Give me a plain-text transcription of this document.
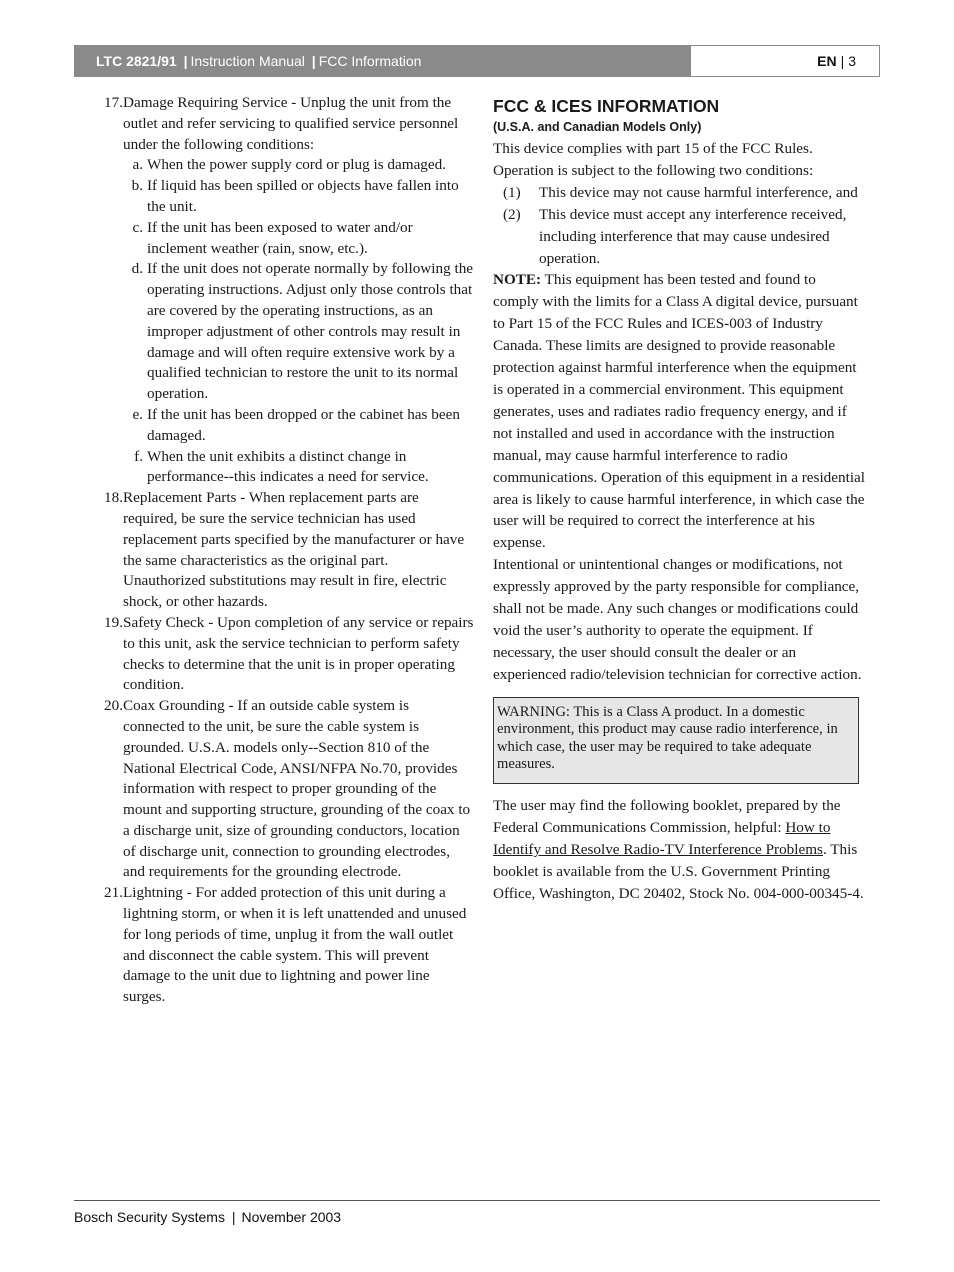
LTC 2821/91 | Instruction Manual | FCC Information	EN | 3
17. Damage Requiring Service - Unplug the unit from the outlet and refer servicing to qualified service personnel under the following conditions:
a. When the power supply cord or plug is damaged.
b. If liquid has been spilled or objects have fallen into the unit.
c. If the unit has been exposed to water and/or inclement weather (rain, snow, etc.).
d. If the unit does not operate normally by following the operating instructions. Adjust only those controls that are covered by the operating instructions, as an improper adjustment of other controls may result in damage and will often require extensive work by a qualified technician to restore the unit to its normal operation.
e. If the unit has been dropped or the cabinet has been damaged.
f. When the unit exhibits a distinct change in performance--this indicates a need for service.
18. Replacement Parts - When replacement parts are required, be sure the service technician has used replacement parts specified by the manufacturer or have the same characteristics as the original part. Unauthorized substitutions may result in fire, electric shock, or other hazards.
19. Safety Check - Upon completion of any service or repairs to this unit, ask the service technician to perform safety checks to determine that the unit is in proper operating condition.
20. Coax Grounding - If an outside cable system is connected to the unit, be sure the cable system is grounded. U.S.A. models only--Section 810 of the National Electrical Code, ANSI/NFPA No.70, provides information with respect to proper grounding of the mount and supporting structure, grounding of the coax to a discharge unit, size of grounding conductors, location of discharge unit, connection to grounding electrodes, and requirements for the grounding electrode.
21. Lightning - For added protection of this unit during a lightning storm, or when it is left unattended and unused for long periods of time, unplug it from the wall outlet and disconnect the cable system. This will prevent damage to the unit due to lightning and power line surges.
FCC & ICES INFORMATION
(U.S.A. and Canadian Models Only)

This device complies with part 15 of the FCC Rules. Operation is subject to the following two conditions:

(1)	This device may not cause harmful interference, and
(2)	This device must accept any interference received, including interference that may cause undesired operation.

NOTE: This equipment has been tested and found to comply with the limits for a Class A digital device, pursuant to Part 15 of the FCC Rules and ICES-003 of Industry Canada. These limits are designed to provide reasonable protection against harmful interference when the equipment is operated in a commercial environment. This equipment generates, uses and radiates radio frequency energy, and if not installed and used in accordance with the instruction manual, may cause harmful interference to radio communications. Operation of this equipment in a residential area is likely to cause harmful interference, in which case the user will be required to correct the interference at his expense.

Intentional or unintentional changes or modifications, not expressly approved by the party responsible for compliance, shall not be made. Any such changes or modifications could void the user’s authority to operate the equipment. If necessary, the user should consult the dealer or an experienced radio/television technician for corrective action.

WARNING: This is a Class A product. In a domestic environment, this product may cause radio interference, in which case, the user may be required to take adequate measures.

The user may find the following booklet, prepared by the Federal Communications Commission, helpful: How to Identify and Resolve Radio-TV Interference Problems. This booklet is available from the U.S. Government Printing Office, Washington, DC 20402, Stock No. 004-000-00345-4.

Bosch Security Systems | November 2003
